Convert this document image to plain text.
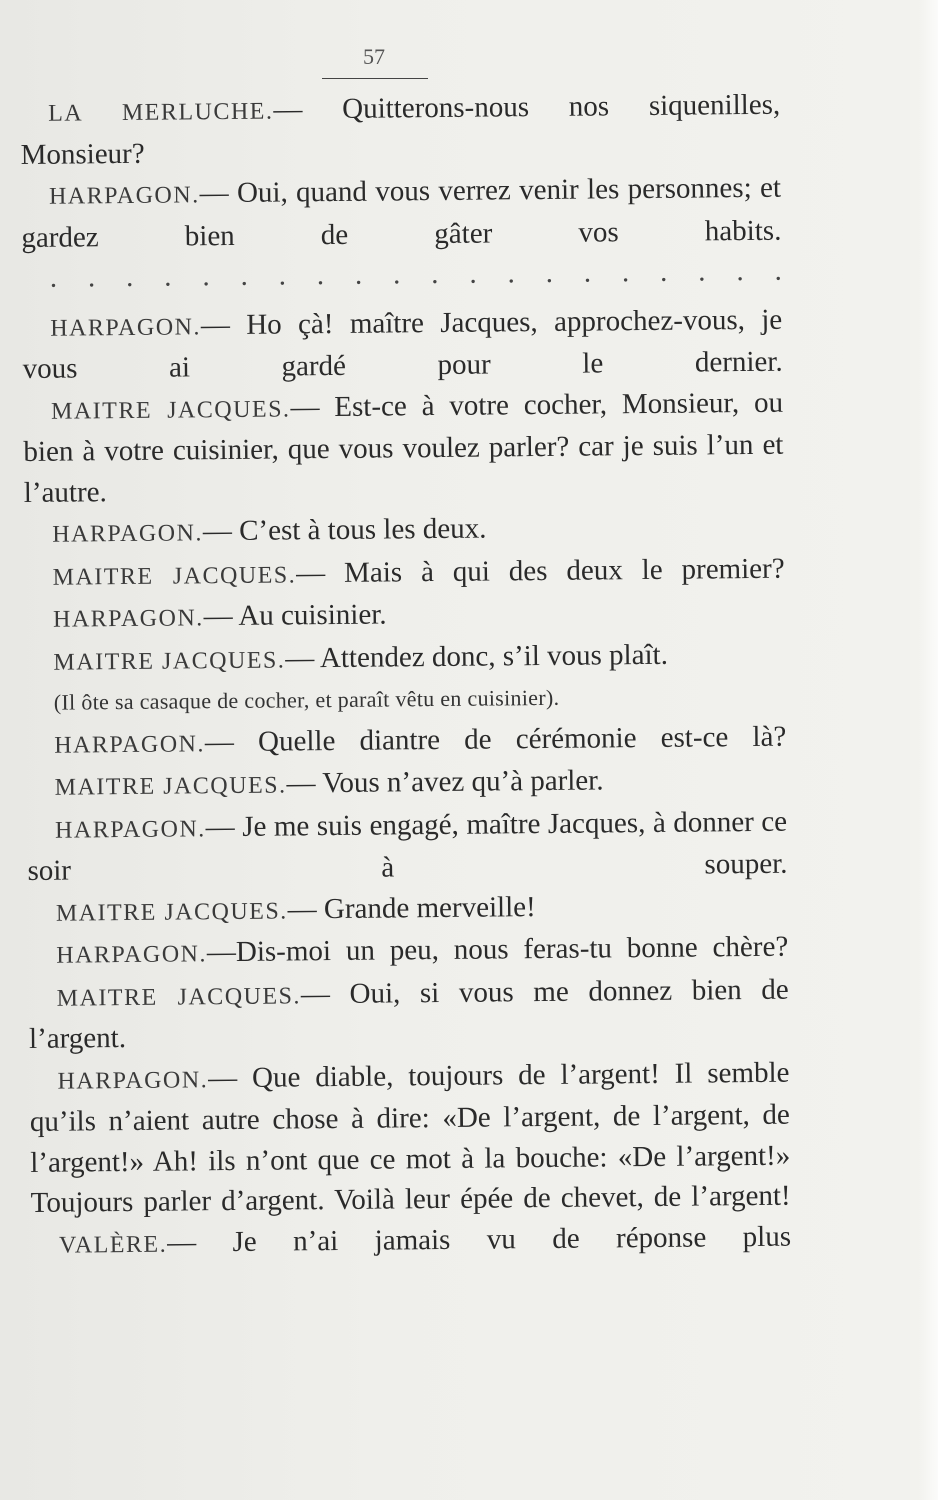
57

LA MERLUCHE.— Quitterons-nous nos siquenilles, Monsieur?

HARPAGON.— Oui, quand vous verrez venir les personnes; et gardez bien de gâter vos habits.

. . . . . . . . . . . . . . . . . . . .

HARPAGON.— Ho çà! maître Jacques, approchez-vous, je vous ai gardé pour le dernier.

MAITRE JACQUES.— Est-ce à votre cocher, Monsieur, ou bien à votre cuisinier, que vous voulez parler? car je suis l’un et l’autre.

HARPAGON.— C’est à tous les deux.

MAITRE JACQUES.— Mais à qui des deux le premier?

HARPAGON.— Au cuisinier.

MAITRE JACQUES.— Attendez donc, s’il vous plaît.

(Il ôte sa casaque de cocher, et paraît vêtu en cuisinier).

HARPAGON.— Quelle diantre de cérémonie est-ce là?

MAITRE JACQUES.— Vous n’avez qu’à parler.

HARPAGON.— Je me suis engagé, maître Jacques, à donner ce soir à souper.

MAITRE JACQUES.— Grande merveille!

HARPAGON.—Dis-moi un peu, nous feras-tu bonne chère?

MAITRE JACQUES.— Oui, si vous me donnez bien de l’argent.

HARPAGON.— Que diable, toujours de l’argent! Il semble qu’ils n’aient autre chose à dire: «De l’argent, de l’argent, de l’argent!» Ah! ils n’ont que ce mot à la bouche: «De l’argent!» Toujours parler d’argent. Voilà leur épée de chevet, de l’argent!

VALÈRE.— Je n’ai jamais vu de réponse plus
